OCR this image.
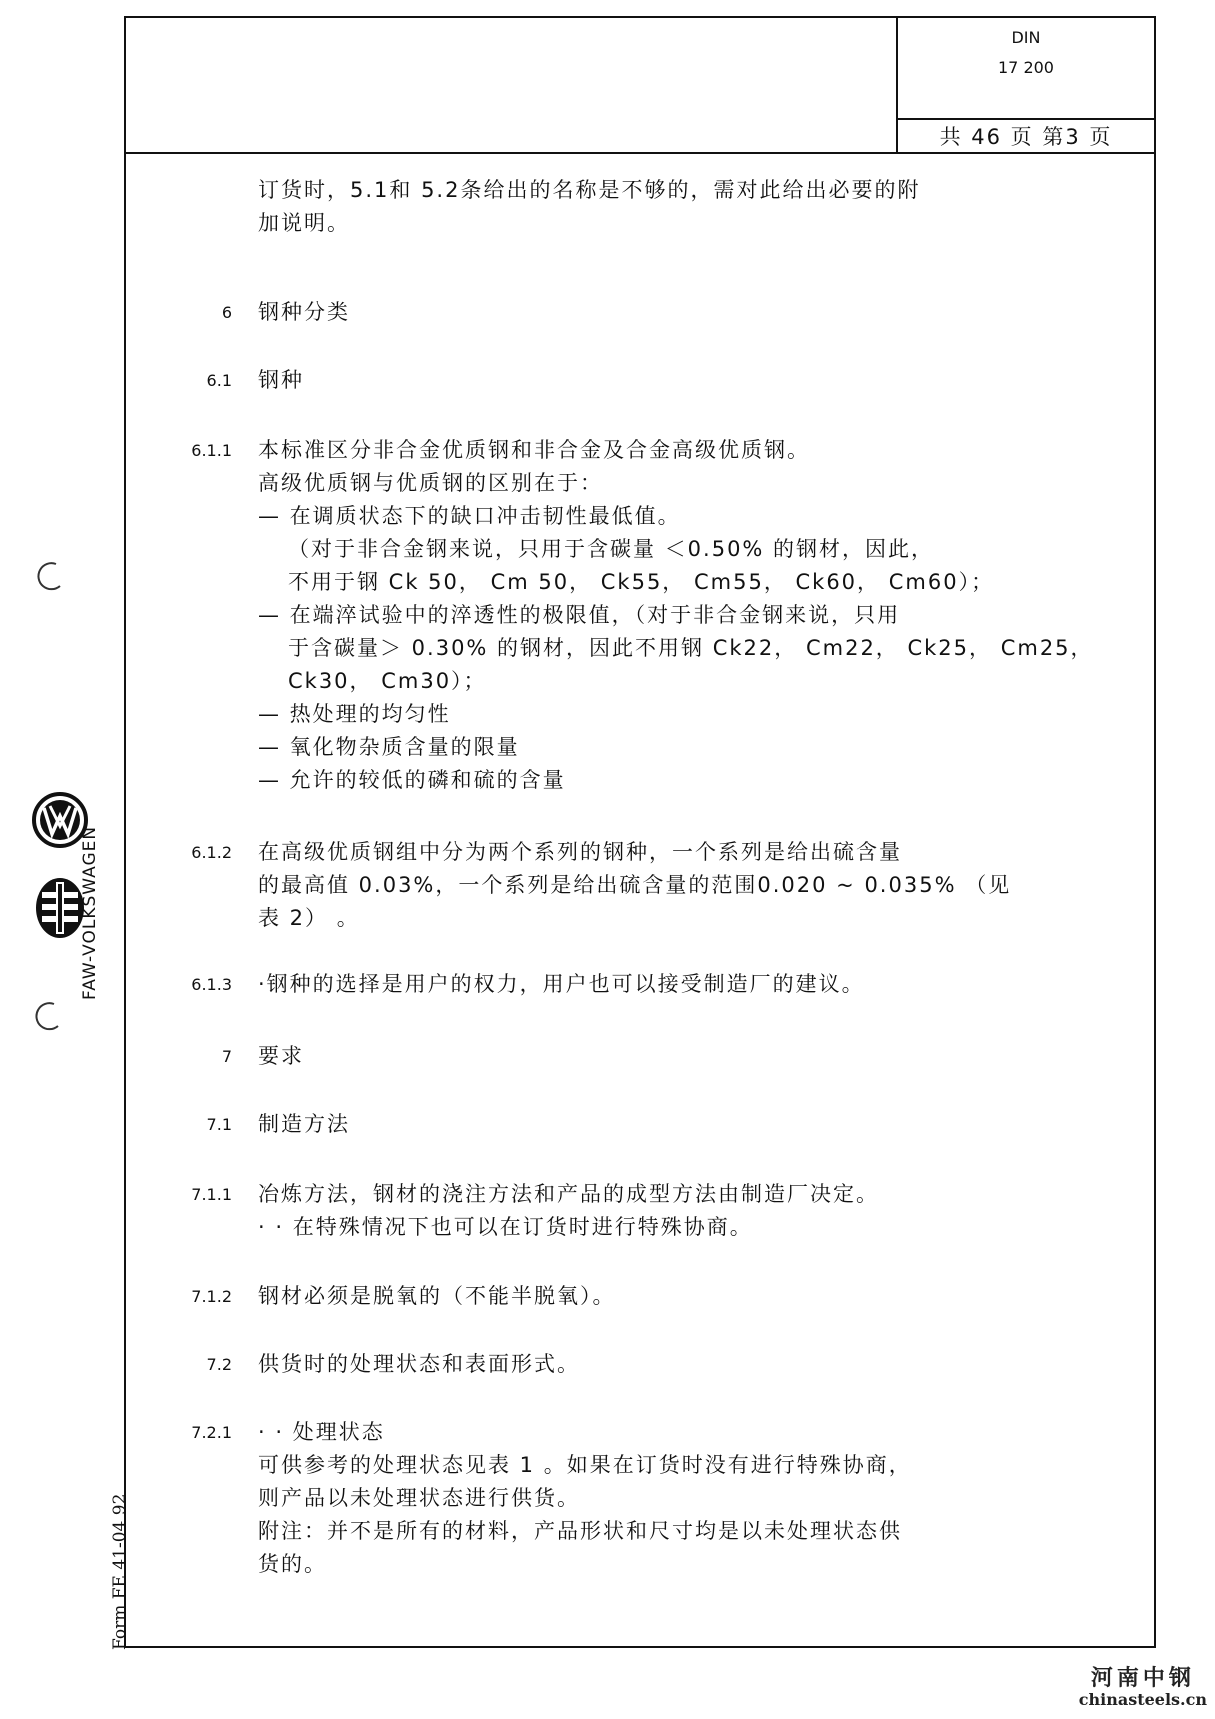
FAW-VOLKSWAGEN
Form FE 41-04 92
DIN
17 200
共 46 页 第3 页
订货时，5.1和 5.2条给出的名称是不够的，需对此给出必要的附
加说明。
6 钢种分类
6.1 钢种
6.1.1 本标准区分非合金优质钢和非合金及合金高级优质钢。
高级优质钢与优质钢的区别在于：
— 在调质状态下的缺口冲击韧性最低值。
（对于非合金钢来说，只用于含碳量 ＜0.50% 的钢材，因此，
不用于钢 Ck 50， Cm 50， Ck55， Cm55， Ck60， Cm60）；
— 在端淬试验中的淬透性的极限值，（对于非合金钢来说，只用
于含碳量＞ 0.30% 的钢材，因此不用钢 Ck22， Cm22， Ck25， Cm25，
Ck30， Cm30）；
— 热处理的均匀性
— 氧化物杂质含量的限量
— 允许的较低的磷和硫的含量
6.1.2 在高级优质钢组中分为两个系列的钢种，一个系列是给出硫含量
的最高值 0.03%，一个系列是给出硫含量的范围0.020 ~ 0.035% （见
表 2） 。
6.1.3 ·钢种的选择是用户的权力，用户也可以接受制造厂的建议。
7 要求
7.1 制造方法
7.1.1 冶炼方法，钢材的浇注方法和产品的成型方法由制造厂决定。
· · 在特殊情况下也可以在订货时进行特殊协商。
7.1.2 钢材必须是脱氧的（不能半脱氧）。
7.2 供货时的处理状态和表面形式。
7.2.1 · · 处理状态
可供参考的处理状态见表 1 。如果在订货时没有进行特殊协商，
则产品以未处理状态进行供货。
附注：并不是所有的材料，产品形状和尺寸均是以未处理状态供
货的。
河南中钢
chinasteels.cn
